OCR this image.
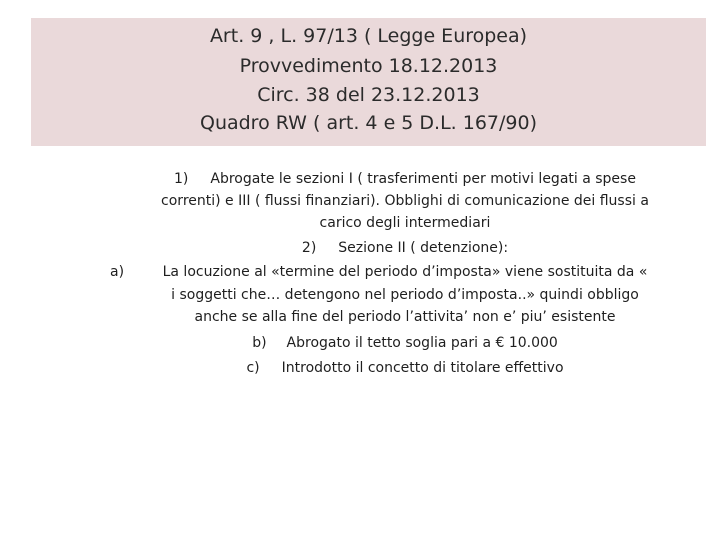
Art. 9 , L. 97/13 ( Legge Europea)
Provvedimento 18.12.2013
Circ. 38 del 23.12.2013
Quadro RW ( art. 4 e 5 D.L. 167/90)
1) Abrogate le sezioni I ( trasferimenti per motivi legati a spese
correnti) e III ( flussi finanziari). Obblighi di comunicazione dei flussi a
carico degli intermediari
2) Sezione II ( detenzione):
a)	La locuzione al «termine del periodo d’imposta» viene sostituita da «
i soggetti che… detengono nel periodo d’imposta..» quindi obbligo
anche se alla fine del periodo l’attivita’ non e’ piu’ esistente
b) Abrogato il tetto soglia pari a € 10.000
c) Introdotto il concetto di titolare effettivo
